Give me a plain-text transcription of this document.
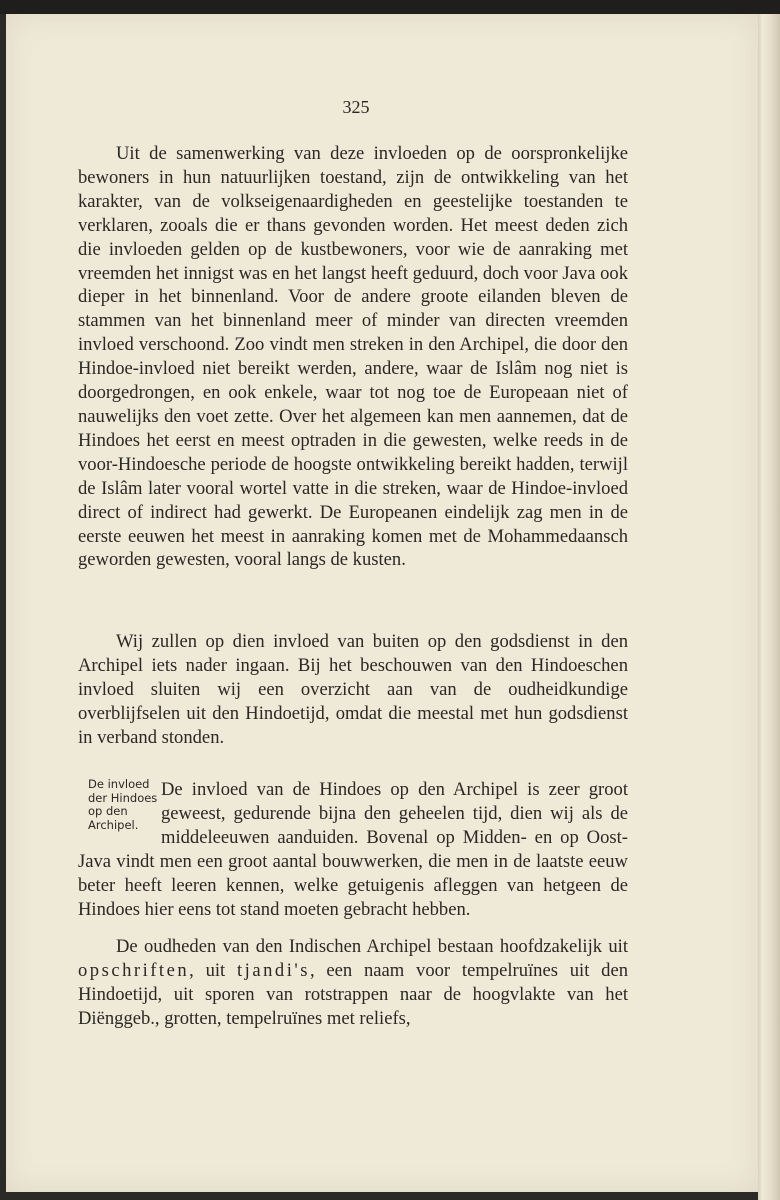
325

Uit de samenwerking van deze invloeden op de oorspronkelijke bewoners in hun natuurlijken toestand, zijn de ontwikkeling van het karakter, van de volkseigenaardigheden en geestelijke toestanden te verklaren, zooals die er thans gevonden worden. Het meest deden zich die invloeden gelden op de kustbewoners, voor wie de aanraking met vreemden het innigst was en het langst heeft geduurd, doch voor Java ook dieper in het binnenland. Voor de andere groote eilanden bleven de stammen van het binnenland meer of minder van directen vreemden invloed verschoond. Zoo vindt men streken in den Archipel, die door den Hindoe-invloed niet bereikt werden, andere, waar de Islâm nog niet is doorgedrongen, en ook enkele, waar tot nog toe de Europeaan niet of nauwelijks den voet zette. Over het algemeen kan men aannemen, dat de Hindoes het eerst en meest optraden in die gewesten, welke reeds in de voor-Hindoesche periode de hoogste ontwikkeling bereikt hadden, terwijl de Islâm later vooral wortel vatte in die streken, waar de Hindoe-invloed direct of indirect had gewerkt. De Europeanen eindelijk zag men in de eerste eeuwen het meest in aanraking komen met de Mohammedaansch geworden gewesten, vooral langs de kusten.

Wij zullen op dien invloed van buiten op den godsdienst in den Archipel iets nader ingaan. Bij het beschouwen van den Hindoeschen invloed sluiten wij een overzicht aan van de oudheidkundige overblijfselen uit den Hindoetijd, omdat die meestal met hun godsdienst in verband stonden.

De invloed der Hindoes op den Archipel.

De invloed van de Hindoes op den Archipel is zeer groot geweest, gedurende bijna den geheelen tijd, dien wij als de middeleeuwen aanduiden. Bovenal op Midden- en op Oost-Java vindt men een groot aantal bouwwerken, die men in de laatste eeuw beter heeft leeren kennen, welke getuigenis afleggen van hetgeen de Hindoes hier eens tot stand moeten gebracht hebben.

De oudheden van den Indischen Archipel bestaan hoofdzakelijk uit opschriften, uit tjandi's, een naam voor tempelruïnes uit den Hindoetijd, uit sporen van rotstrappen naar de hoogvlakte van het Diënggeb., grotten, tempelruïnes met reliefs,
